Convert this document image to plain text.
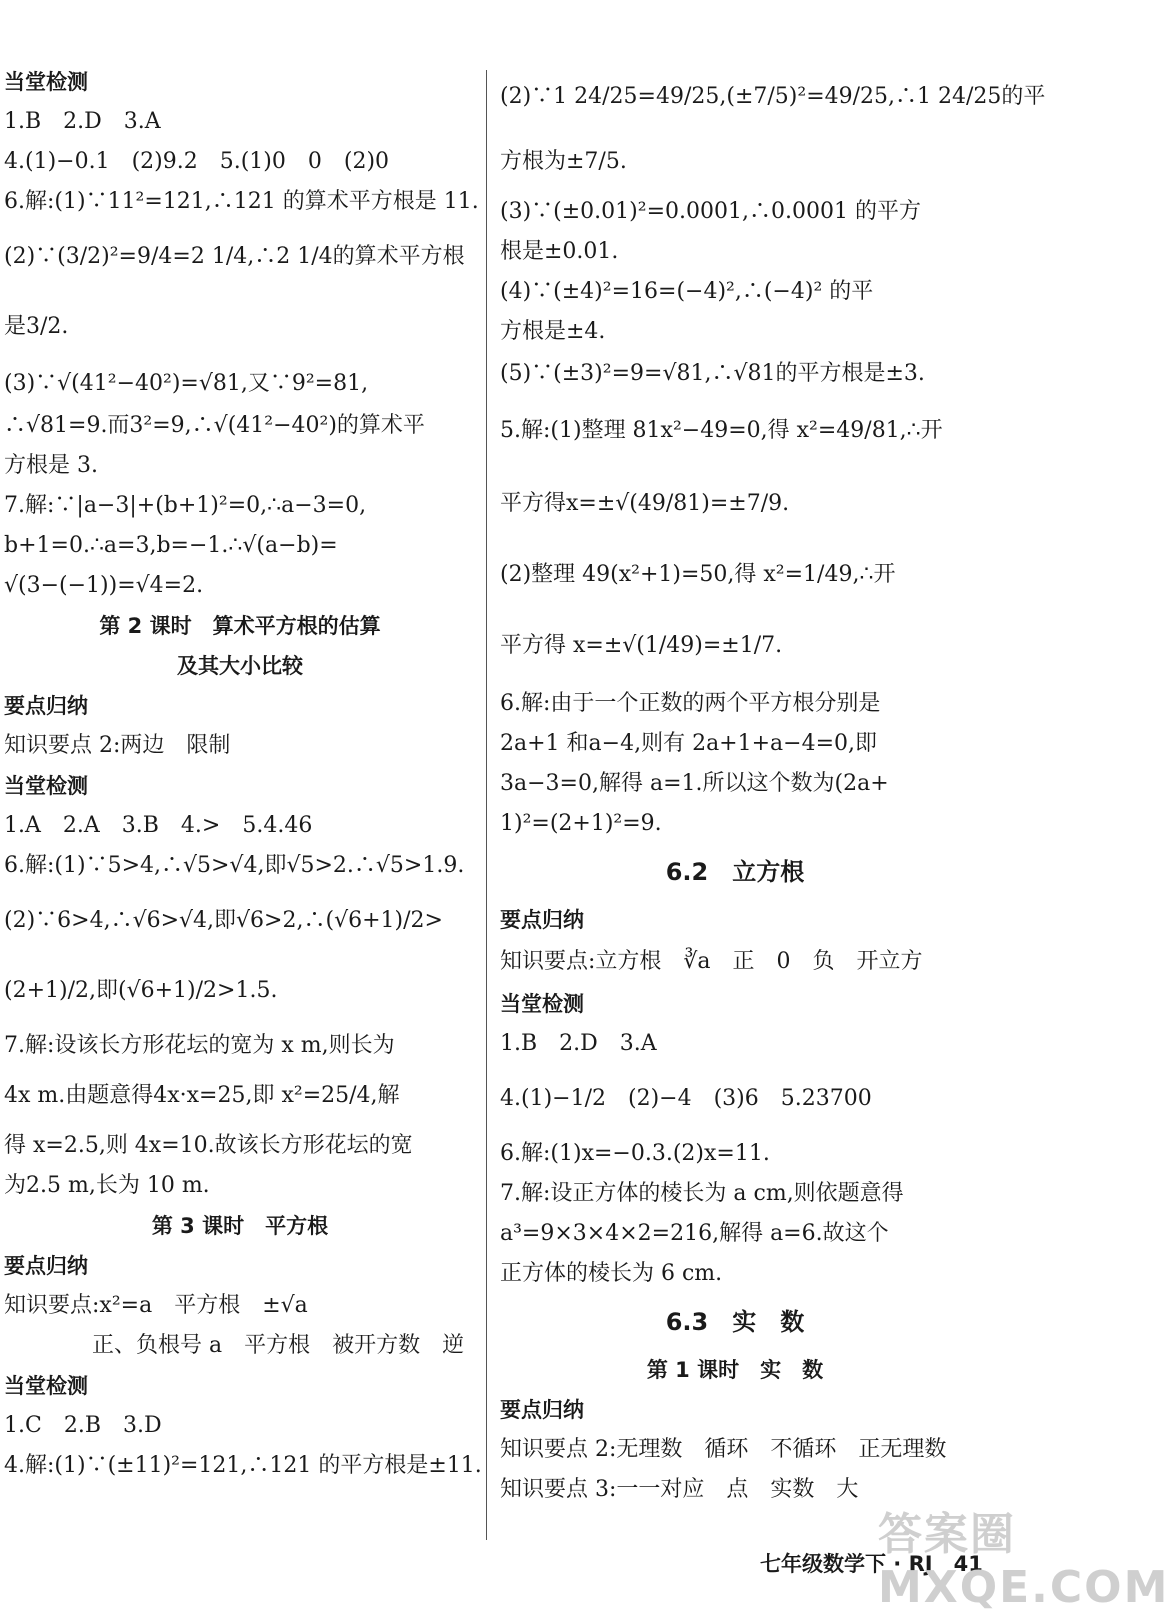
当堂检测
1.B　2.D　3.A
4.(1)−0.1　(2)9.2　5.(1)0　0　(2)0
6.解:(1)∵11²=121,∴121 的算术平方根是 11.
(2)∵(3/2)²=9/4=2 1/4,∴2 1/4的算术平方根
是3/2.
(3)∵√(41²−40²)=√81,又∵9²=81,
∴√81=9.而3²=9,∴√(41²−40²)的算术平
方根是 3.
7.解:∵|a−3|+(b+1)²=0,∴a−3=0,
b+1=0.∴a=3,b=−1.∴√(a−b)=
√(3−(−1))=√4=2.
第 2 课时　算术平方根的估算
及其大小比较
要点归纳
知识要点 2:两边　限制
当堂检测
1.A　2.A　3.B　4.>　5.4.46
6.解:(1)∵5>4,∴√5>√4,即√5>2.∴√5>1.9.
(2)∵6>4,∴√6>√4,即√6>2,∴(√6+1)/2>
(2+1)/2,即(√6+1)/2>1.5.
7.解:设该长方形花坛的宽为 x m,则长为
4x m.由题意得4x·x=25,即 x²=25/4,解
得 x=2.5,则 4x=10.故该长方形花坛的宽
为2.5 m,长为 10 m.
第 3 课时　平方根
要点归纳
知识要点:x²=a　平方根　±√a
　　　　正、负根号 a　平方根　被开方数　逆
当堂检测
1.C　2.B　3.D
4.解:(1)∵(±11)²=121,∴121 的平方根是±11.
(2)∵1 24/25=49/25,(±7/5)²=49/25,∴1 24/25的平
方根为±7/5.
(3)∵(±0.01)²=0.0001,∴0.0001 的平方
根是±0.01.
(4)∵(±4)²=16=(−4)²,∴(−4)² 的平
方根是±4.
(5)∵(±3)²=9=√81,∴√81的平方根是±3.
5.解:(1)整理 81x²−49=0,得 x²=49/81,∴开
平方得x=±√(49/81)=±7/9.
(2)整理 49(x²+1)=50,得 x²=1/49,∴开
平方得 x=±√(1/49)=±1/7.
6.解:由于一个正数的两个平方根分别是
2a+1 和a−4,则有 2a+1+a−4=0,即
3a−3=0,解得 a=1.所以这个数为(2a+
1)²=(2+1)²=9.
6.2　立方根
要点归纳
知识要点:立方根　∛a　正　0　负　开立方
当堂检测
1.B　2.D　3.A
4.(1)−1/2　(2)−4　(3)6　5.23700
6.解:(1)x=−0.3.(2)x=11.
7.解:设正方体的棱长为 a cm,则依题意得
a³=9×3×4×2=216,解得 a=6.故这个
正方体的棱长为 6 cm.
6.3　实　数
第 1 课时　实　数
要点归纳
知识要点 2:无理数　循环　不循环　正无理数
知识要点 3:一一对应　点　实数　大
七年级数学下 · RJ　41
答案圈 MXQE.COM
